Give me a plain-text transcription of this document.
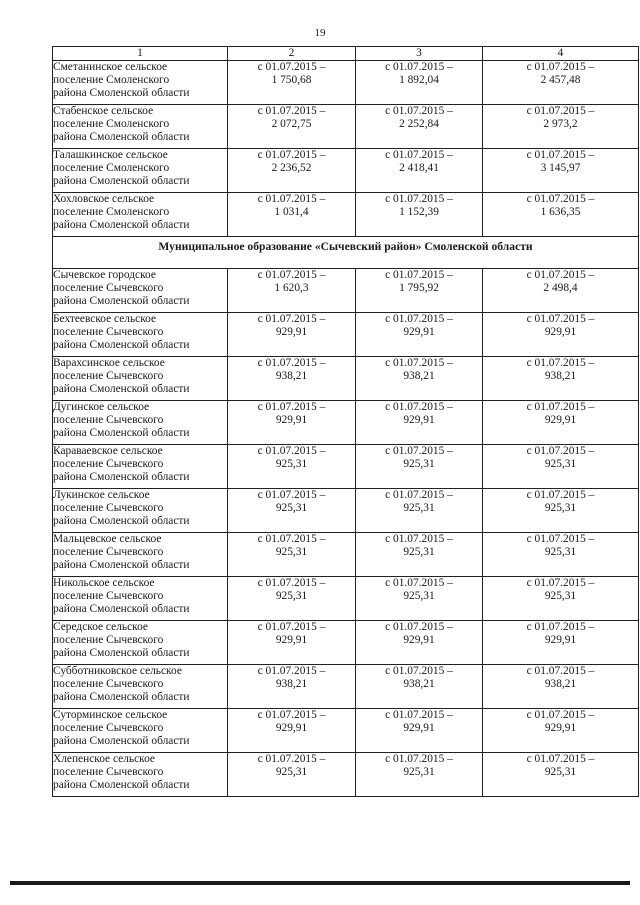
19
1	2	3	4

Сметанинское сельское
поселение Смоленского
района Смоленской области	с 01.07.2015 –
1 750,68	с 01.07.2015 –
1 892,04	с 01.07.2015 –
2 457,48

Стабенское сельское
поселение Смоленского
района Смоленской области	с 01.07.2015 –
2 072,75	с 01.07.2015 –
2 252,84	с 01.07.2015 –
2 973,2

Талашкинское сельское
поселение Смоленского
района Смоленской области	с 01.07.2015 –
2 236,52	с 01.07.2015 –
2 418,41	с 01.07.2015 –
3 145,97

Хохловское сельское
поселение Смоленского
района Смоленской области	с 01.07.2015 –
1 031,4	с 01.07.2015 –
1 152,39	с 01.07.2015 –
1 636,35

Муниципальное образование «Сычевский район» Смоленской области			

Сычевское городское
поселение Сычевского
района Смоленской области	с 01.07.2015 –
1 620,3	с 01.07.2015 –
1 795,92	с 01.07.2015 –
2 498,4

Бехтеевское сельское
поселение Сычевского
района Смоленской области	с 01.07.2015 –
929,91	с 01.07.2015 –
929,91	с 01.07.2015 –
929,91

Варахсинское сельское
поселение Сычевского
района Смоленской области	с 01.07.2015 –
938,21	с 01.07.2015 –
938,21	с 01.07.2015 –
938,21

Дугинское сельское
поселение Сычевского
района Смоленской области	с 01.07.2015 –
929,91	с 01.07.2015 –
929,91	с 01.07.2015 –
929,91

Караваевское сельское
поселение Сычевского
района Смоленской области	с 01.07.2015 –
925,31	с 01.07.2015 –
925,31	с 01.07.2015 –
925,31

Лукинское сельское
поселение Сычевского
района Смоленской области	с 01.07.2015 –
925,31	с 01.07.2015 –
925,31	с 01.07.2015 –
925,31

Мальцевское сельское
поселение Сычевского
района Смоленской области	с 01.07.2015 –
925,31	с 01.07.2015 –
925,31	с 01.07.2015 –
925,31

Никольское сельское
поселение Сычевского
района Смоленской области	с 01.07.2015 –
925,31	с 01.07.2015 –
925,31	с 01.07.2015 –
925,31

Середское сельское
поселение Сычевского
района Смоленской области	с 01.07.2015 –
929,91	с 01.07.2015 –
929,91	с 01.07.2015 –
929,91

Субботниковское сельское
поселение Сычевского
района Смоленской области	с 01.07.2015 –
938,21	с 01.07.2015 –
938,21	с 01.07.2015 –
938,21

Суторминское сельское
поселение Сычевского
района Смоленской области	с 01.07.2015 –
929,91	с 01.07.2015 –
929,91	с 01.07.2015 –
929,91

Хлепенское сельское
поселение Сычевского
района Смоленской области	с 01.07.2015 –
925,31	с 01.07.2015 –
925,31	с 01.07.2015 –
925,31
